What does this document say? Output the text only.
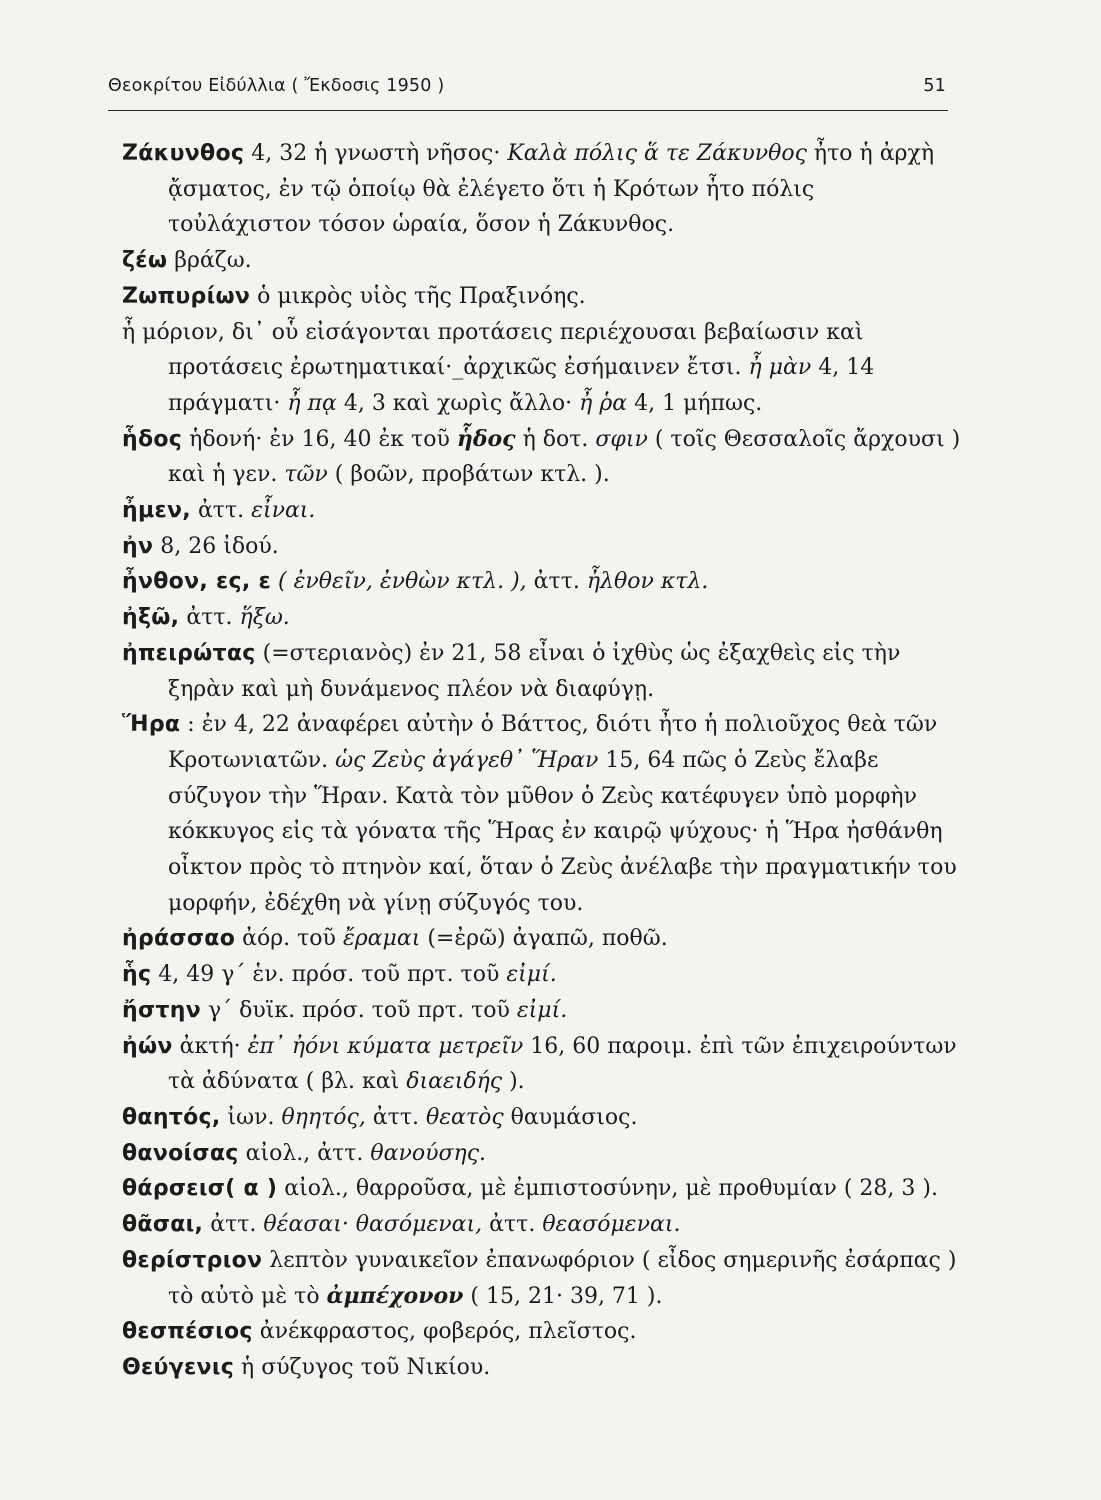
Θεοκρίτου Εἰδύλλια ( Ἔκδοσις 1950 )	51

Ζάκυνθος 4, 32 ἡ γνωστὴ νῆσος· Καλὰ πόλις ἅ τε Ζάκυνθος ἦτο ἡ ἀρχὴ ᾄσματος, ἐν τῷ ὁποίῳ θὰ ἐλέγετο ὅτι ἡ Κρότων ἦτο πόλις τοὐλάχιστον τόσον ὡραία, ὅσον ἡ Ζάκυνθος.

ζέω βράζω.

Ζωπυρίων ὁ μικρὸς υἱὸς τῆς Πραξινόης.

ἦ μόριον, δι᾽ οὗ εἰσάγονται προτάσεις περιέχουσαι βεβαίωσιν καὶ προτάσεις ἐρωτηματικαί·_ἀρχικῶς ἐσήμαινεν ἔτσι. ἦ μὰν 4, 14 πράγματι· ἦ πᾳ 4, 3 καὶ χωρὶς ἄλλο· ἦ ῥα 4, 1 μήπως.

ἧδος ἡδονή· ἐν 16, 40 ἐκ τοῦ ἧδος ἡ δοτ. σφιν ( τοῖς Θεσσαλοῖς ἄρχουσι ) καὶ ἡ γεν. τῶν ( βοῶν, προβάτων κτλ. ).

ἦμεν, ἀττ. εἶναι.

ἠν 8, 26 ἰδού.

ἦνθον, ες, ε ( ἐνθεῖν, ἐνθὼν κτλ. ), ἀττ. ἦλθον κτλ.

ἠξῶ, ἀττ. ἥξω.

ἠπειρώτας (=στεριανὸς) ἐν 21, 58 εἶναι ὁ ἰχθὺς ὡς ἐξαχθεὶς εἰς τὴν ξηρὰν καὶ μὴ δυνάμενος πλέον νὰ διαφύγῃ.

Ἥρα : ἐν 4, 22 ἀναφέρει αὐτὴν ὁ Βάττος, διότι ἦτο ἡ πολιοῦχος θεὰ τῶν Κροτωνιατῶν. ὡς Ζεὺς ἀγάγεθ᾽ Ἥραν 15, 64 πῶς ὁ Ζεὺς ἔλαβε σύζυγον τὴν Ἥραν. Κατὰ τὸν μῦθον ὁ Ζεὺς κατέφυγεν ὑπὸ μορφὴν κόκκυγος εἰς τὰ γόνατα τῆς Ἥρας ἐν καιρῷ ψύχους· ἡ Ἥρα ἠσθάνθη οἶκτον πρὸς τὸ πτηνὸν καί, ὅταν ὁ Ζεὺς ἀνέλαβε τὴν πραγματικήν του μορφήν, ἐδέχθη νὰ γίνῃ σύζυγός του.

ἠράσσαο ἀόρ. τοῦ ἔραμαι (=ἐρῶ) ἀγαπῶ, ποθῶ.

ἧς 4, 49 γ΄ ἑν. πρόσ. τοῦ πρτ. τοῦ εἰμί.

ἤστην γ΄ δυϊκ. πρόσ. τοῦ πρτ. τοῦ εἰμί.

ἠών ἀκτή· ἐπ᾽ ἠόνι κύματα μετρεῖν 16, 60 παροιμ. ἐπὶ τῶν ἐπιχειρούντων τὰ ἀδύνατα ( βλ. καὶ διαειδής ).

θαητός, ἰων. θηητός, ἀττ. θεατὸς θαυμάσιος.

θανοίσας αἰολ., ἀττ. θανούσης.

θάρσεισ( α ) αἰολ., θαρροῦσα, μὲ ἐμπιστοσύνην, μὲ προθυμίαν ( 28, 3 ).

θᾶσαι, ἀττ. θέασαι· θασόμεναι, ἀττ. θεασόμεναι.

θερίστριον λεπτὸν γυναικεῖον ἐπανωφόριον ( εἶδος σημερινῆς ἐσάρπας ) τὸ αὐτὸ μὲ τὸ ἀμπέχονον ( 15, 21· 39, 71 ).

θεσπέσιος ἀνέκφραστος, φοβερός, πλεῖστος.

Θεύγενις ἡ σύζυγος τοῦ Νικίου.
